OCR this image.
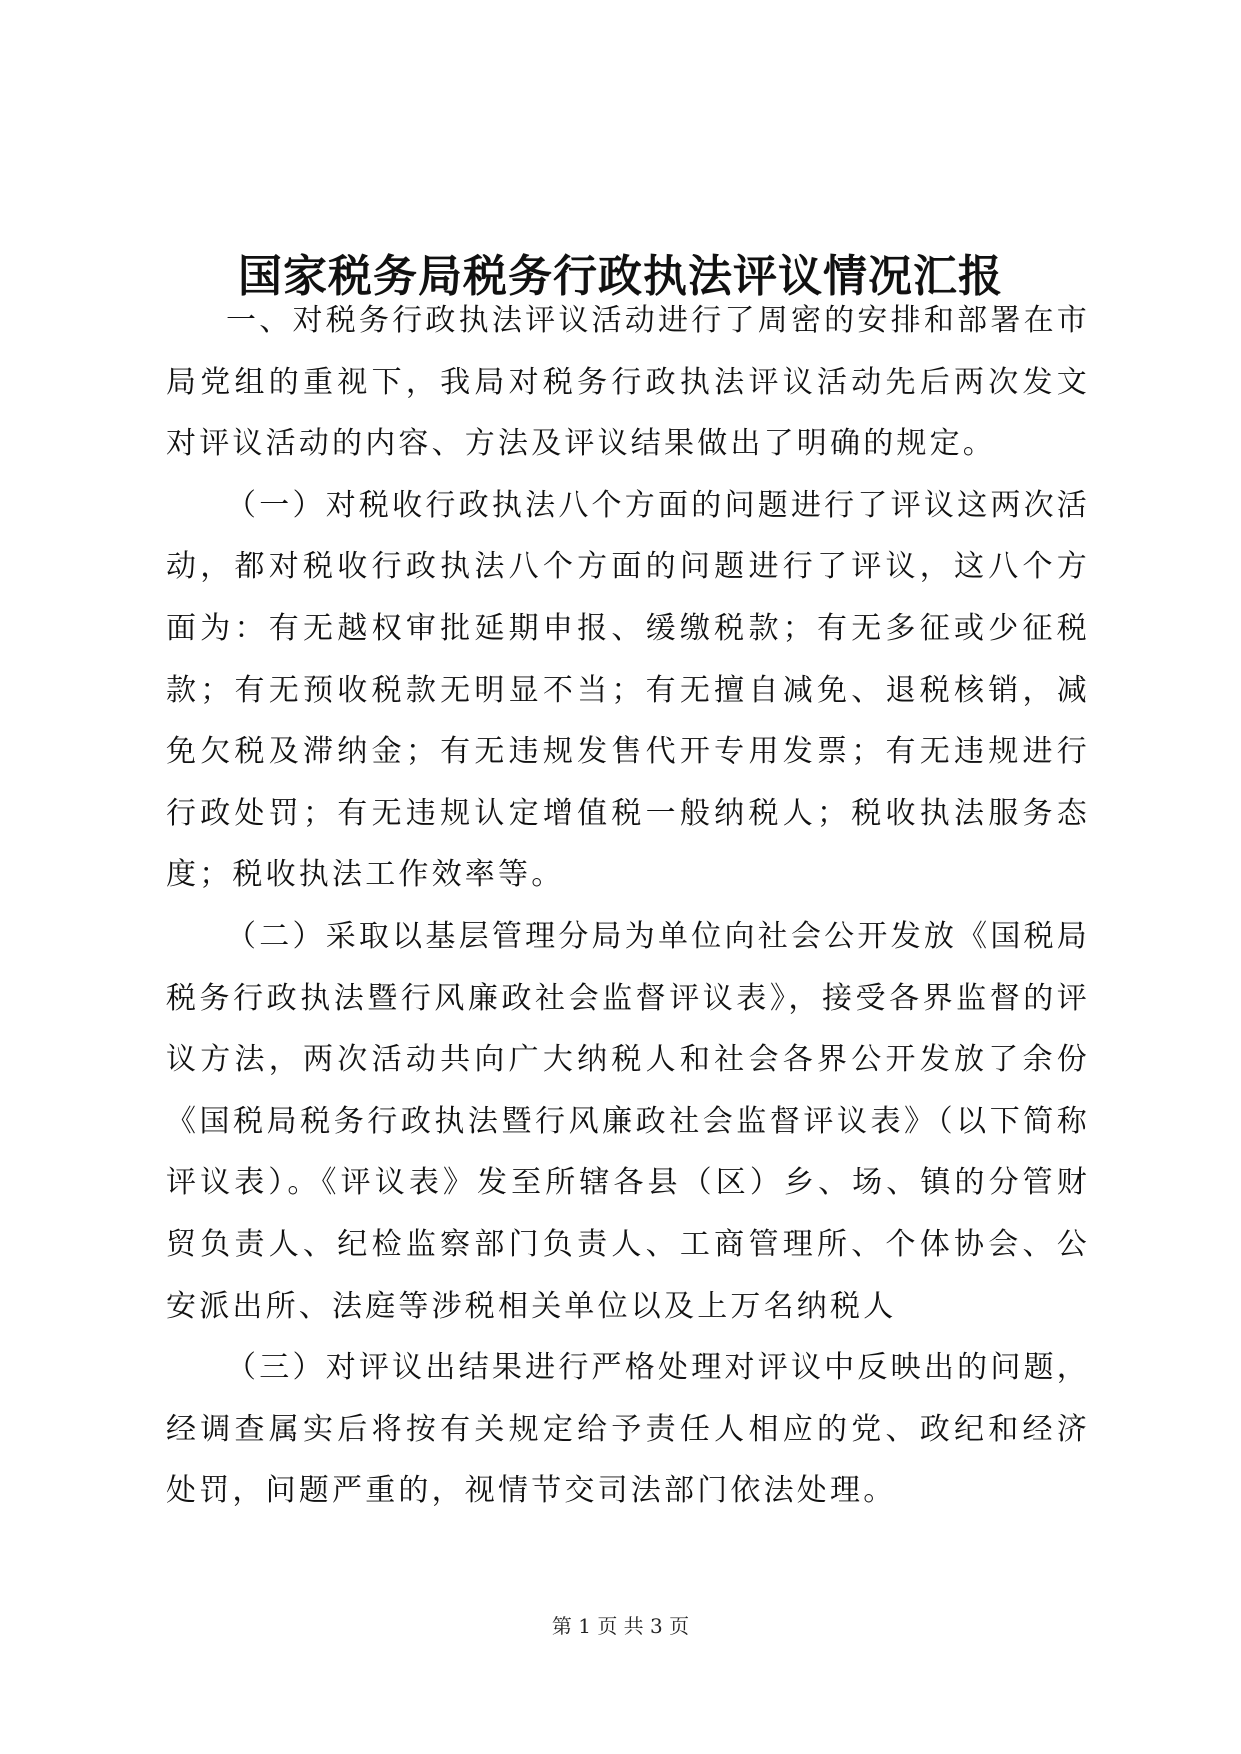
国家税务局税务行政执法评议情况汇报

一、对税务行政执法评议活动进行了周密的安排和部署在市局党组的重视下，我局对税务行政执法评议活动先后两次发文对评议活动的内容、方法及评议结果做出了明确的规定。

（一）对税收行政执法八个方面的问题进行了评议这两次活动，都对税收行政执法八个方面的问题进行了评议，这八个方面为：有无越权审批延期申报、缓缴税款；有无多征或少征税款；有无预收税款无明显不当；有无擅自减免、退税核销，减免欠税及滞纳金；有无违规发售代开专用发票；有无违规进行行政处罚；有无违规认定增值税一般纳税人；税收执法服务态度；税收执法工作效率等。

（二）采取以基层管理分局为单位向社会公开发放《国税局税务行政执法暨行风廉政社会监督评议表》，接受各界监督的评议方法，两次活动共向广大纳税人和社会各界公开发放了余份《国税局税务行政执法暨行风廉政社会监督评议表》（以下简称评议表）。《评议表》发至所辖各县（区）乡、场、镇的分管财贸负责人、纪检监察部门负责人、工商管理所、个体协会、公安派出所、法庭等涉税相关单位以及上万名纳税人

（三）对评议出结果进行严格处理对评议中反映出的问题，经调查属实后将按有关规定给予责任人相应的党、政纪和经济处罚，问题严重的，视情节交司法部门依法处理。

第 1 页 共 3 页
